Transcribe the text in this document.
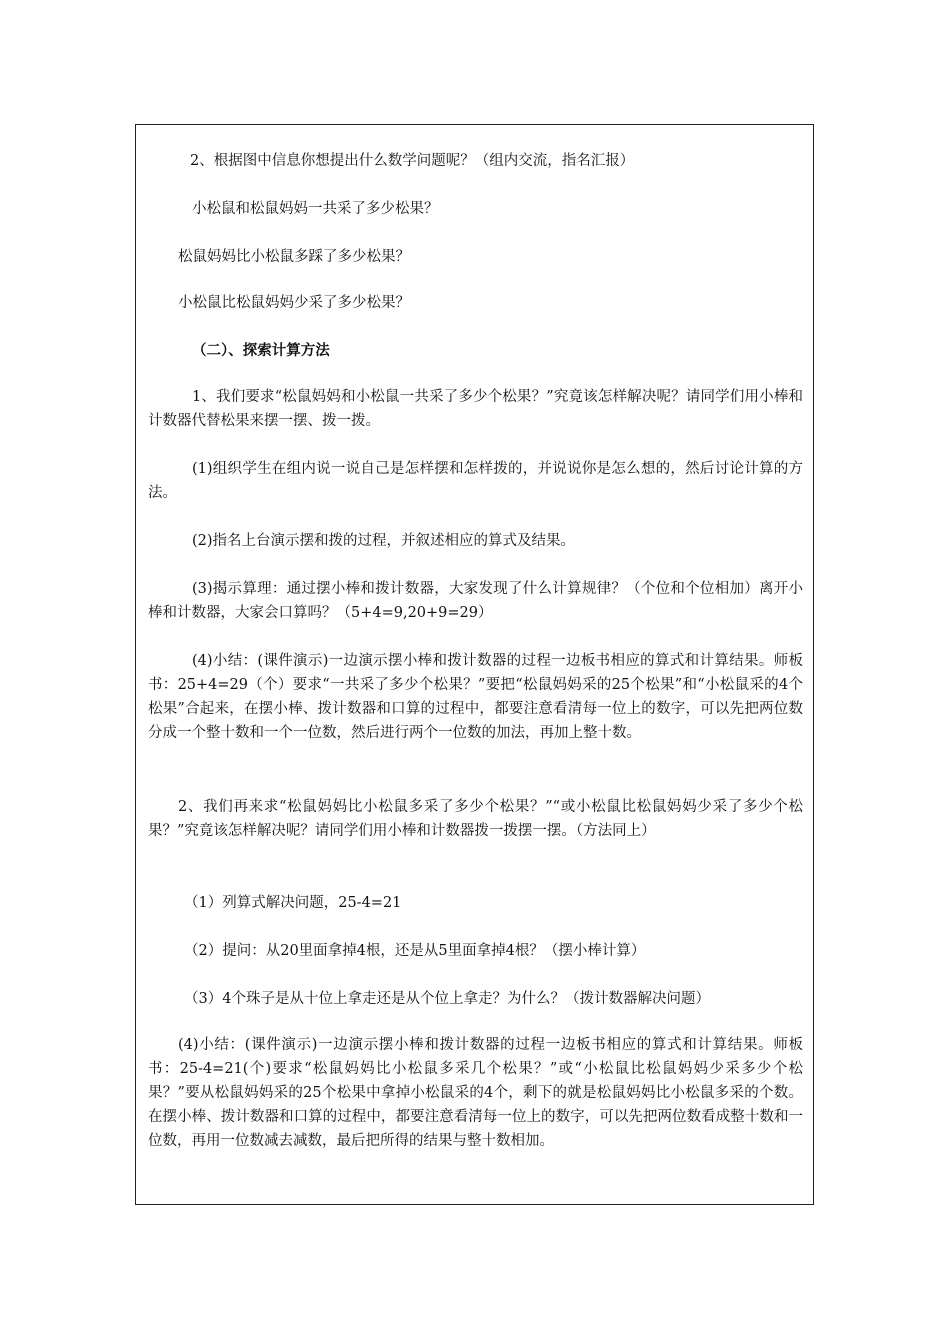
2、根据图中信息你想提出什么数学问题呢？（组内交流，指名汇报）

小松鼠和松鼠妈妈一共采了多少松果？

松鼠妈妈比小松鼠多踩了多少松果？

小松鼠比松鼠妈妈少采了多少松果？

（二）、探索计算方法

1、我们要求“松鼠妈妈和小松鼠一共采了多少个松果？”究竟该怎样解决呢？请同学们用小棒和计数器代替松果来摆一摆、拨一拨。

(1)组织学生在组内说一说自己是怎样摆和怎样拨的，并说说你是怎么想的，然后讨论计算的方法。

(2)指名上台演示摆和拨的过程，并叙述相应的算式及结果。

(3)揭示算理：通过摆小棒和拨计数器，大家发现了什么计算规律？（个位和个位相加）离开小棒和计数器，大家会口算吗？（5+4=9,20+9=29）

(4)小结：(课件演示)一边演示摆小棒和拨计数器的过程一边板书相应的算式和计算结果。师板书：25+4=29（个）要求“一共采了多少个松果？”要把“松鼠妈妈采的25个松果”和“小松鼠采的4个松果”合起来，在摆小棒、拨计数器和口算的过程中，都要注意看清每一位上的数字，可以先把两位数分成一个整十数和一个一位数，然后进行两个一位数的加法，再加上整十数。

2、我们再来求“松鼠妈妈比小松鼠多采了多少个松果？”“或小松鼠比松鼠妈妈少采了多少个松果？”究竟该怎样解决呢？请同学们用小棒和计数器拨一拨摆一摆。（方法同上）

（1）列算式解决问题，25-4=21

（2）提问：从20里面拿掉4根，还是从5里面拿掉4根？（摆小棒计算）

（3）4个珠子是从十位上拿走还是从个位上拿走？为什么？（拨计数器解决问题）

(4)小结：(课件演示)一边演示摆小棒和拨计数器的过程一边板书相应的算式和计算结果。师板书：25-4=21(个)要求“松鼠妈妈比小松鼠多采几个松果？”或“小松鼠比松鼠妈妈少采多少个松果？”要从松鼠妈妈采的25个松果中拿掉小松鼠采的4个，剩下的就是松鼠妈妈比小松鼠多采的个数。在摆小棒、拨计数器和口算的过程中，都要注意看清每一位上的数字，可以先把两位数看成整十数和一位数，再用一位数减去减数，最后把所得的结果与整十数相加。
